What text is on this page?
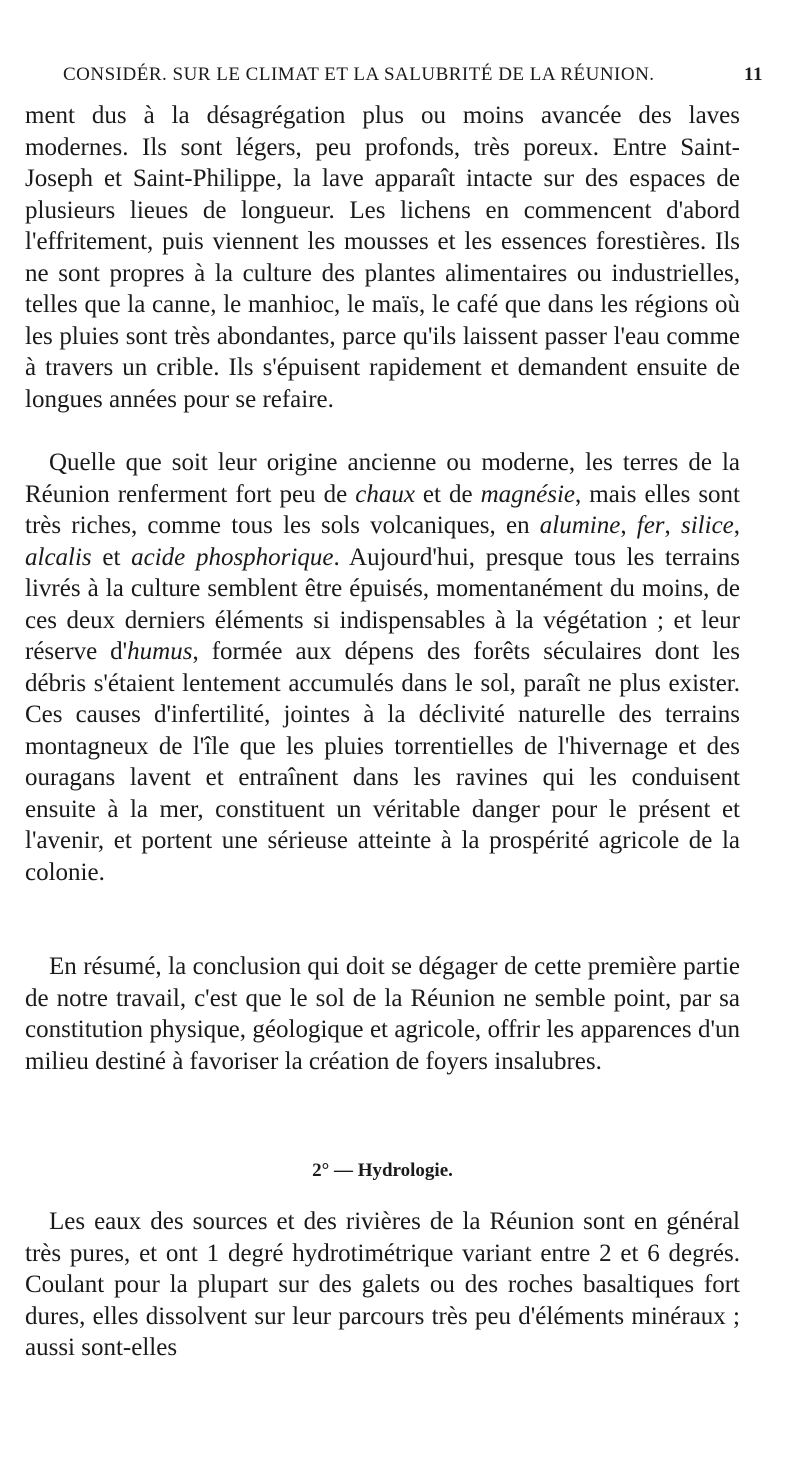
CONSIDÉR. SUR LE CLIMAT ET LA SALUBRITÉ DE LA RÉUNION.	11
ment dus à la désagrégation plus ou moins avancée des laves modernes. Ils sont légers, peu profonds, très poreux. Entre Saint-Joseph et Saint-Philippe, la lave apparaît intacte sur des espaces de plusieurs lieues de longueur. Les lichens en commencent d'abord l'effritement, puis viennent les mousses et les essences forestières. Ils ne sont propres à la culture des plantes alimentaires ou industrielles, telles que la canne, le manhioc, le maïs, le café que dans les régions où les pluies sont très abondantes, parce qu'ils laissent passer l'eau comme à travers un crible. Ils s'épuisent rapidement et demandent ensuite de longues années pour se refaire.
Quelle que soit leur origine ancienne ou moderne, les terres de la Réunion renferment fort peu de chaux et de magnésie, mais elles sont très riches, comme tous les sols volcaniques, en alumine, fer, silice, alcalis et acide phosphorique. Aujourd'hui, presque tous les terrains livrés à la culture semblent être épuisés, momentanément du moins, de ces deux derniers éléments si indispensables à la végétation ; et leur réserve d'humus, formée aux dépens des forêts séculaires dont les débris s'étaient lentement accumulés dans le sol, paraît ne plus exister. Ces causes d'infertilité, jointes à la déclivité naturelle des terrains montagneux de l'île que les pluies torrentielles de l'hivernage et des ouragans lavent et entraînent dans les ravines qui les conduisent ensuite à la mer, constituent un véritable danger pour le présent et l'avenir, et portent une sérieuse atteinte à la prospérité agricole de la colonie.
En résumé, la conclusion qui doit se dégager de cette première partie de notre travail, c'est que le sol de la Réunion ne semble point, par sa constitution physique, géologique et agricole, offrir les apparences d'un milieu destiné à favoriser la création de foyers insalubres.
2° — Hydrologie.
Les eaux des sources et des rivières de la Réunion sont en général très pures, et ont 1 degré hydrotimétrique variant entre 2 et 6 degrés. Coulant pour la plupart sur des galets ou des roches basaltiques fort dures, elles dissolvent sur leur parcours très peu d'éléments minéraux ; aussi sont-elles
